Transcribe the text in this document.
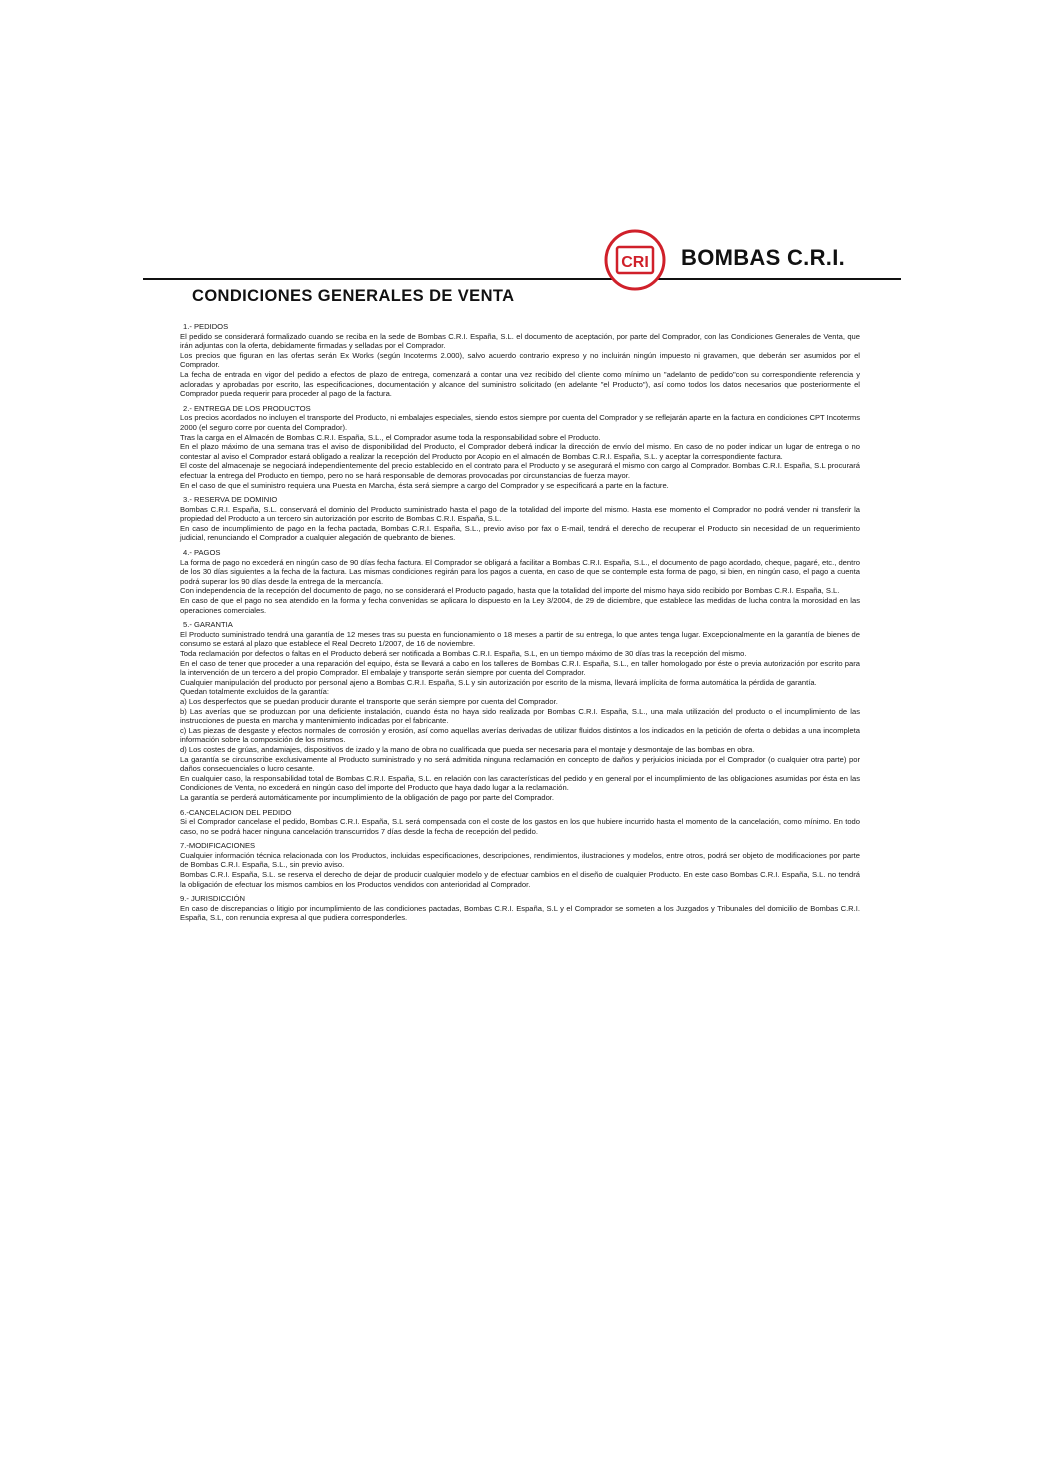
CRI BOMBAS C.R.I.
CONDICIONES GENERALES DE VENTA

1.- PEDIDOS

El pedido se considerará formalizado cuando se reciba en la sede de Bombas C.R.I. España, S.L. el documento de aceptación, por parte del Comprador, con las Condiciones Generales de Venta, que irán adjuntas con la oferta, debidamente firmadas y selladas por el Comprador.

Los precios que figuran en las ofertas serán Ex Works (según Incoterms 2.000), salvo acuerdo contrario expreso y no incluirán ningún impuesto ni gravamen, que deberán ser asumidos por el Comprador.

La fecha de entrada en vigor del pedido a efectos de plazo de entrega, comenzará a contar una vez recibido del cliente como mínimo un "adelanto de pedido"con su correspondiente referencia y acloradas y aprobadas por escrito, las especificaciones, documentación y alcance del suministro solicitado (en adelante "el Producto"), así como todos los datos necesarios que posteriormente el Comprador pueda requerir para proceder al pago de la factura.

2.- ENTREGA DE LOS PRODUCTOS

Los precios acordados no incluyen el transporte del Producto, ni embalajes especiales, siendo estos siempre por cuenta del Comprador y se reflejarán aparte en la factura en condiciones CPT Incoterms 2000 (el seguro corre por cuenta del Comprador).

Tras la carga en el Almacén de Bombas C.R.I. España, S.L., el Comprador asume toda la responsabilidad sobre el Producto.

En el plazo máximo de una semana tras el aviso de disponibilidad del Producto, el Comprador deberá indicar la dirección de envío del mismo. En caso de no poder indicar un lugar de entrega o no contestar al aviso el Comprador estará obligado a realizar la recepción del Producto por Acopio en el almacén de Bombas C.R.I. España, S.L. y aceptar la correspondiente factura.

El coste del almacenaje se negociará independientemente del precio establecido en el contrato para el Producto y se asegurará el mismo con cargo al Comprador. Bombas C.R.I. España, S.L procurará efectuar la entrega del Producto en tiempo, pero no se hará responsable de demoras provocadas por circunstancias de fuerza mayor.

En el caso de que el suministro requiera una Puesta en Marcha, ésta será siempre a cargo del Comprador y se especificará a parte en la facture.

3.- RESERVA DE DOMINIO

Bombas C.R.I. España, S.L. conservará el dominio del Producto suministrado hasta el pago de la totalidad del importe del mismo. Hasta ese momento el Comprador no podrá vender ni transferir la propiedad del Producto a un tercero sin autorización por escrito de Bombas C.R.I. España, S.L.

En caso de incumplimiento de pago en la fecha pactada, Bombas C.R.I. España, S.L., previo aviso por fax o E-mail, tendrá el derecho de recuperar el Producto sin necesidad de un requerimiento judicial, renunciando el Comprador a cualquier alegación de quebranto de bienes.

4.- PAGOS

La forma de pago no excederá en ningún caso de 90 días fecha factura. El Comprador se obligará a facilitar a Bombas C.R.I. España, S.L., el documento de pago acordado, cheque, pagaré, etc., dentro de los 30 días siguientes a la fecha de la factura. Las mismas condiciones regirán para los pagos a cuenta, en caso de que se contemple esta forma de pago, si bien, en ningún caso, el pago a cuenta podrá superar los 90 días desde la entrega de la mercancía.

Con independencia de la recepción del documento de pago, no se considerará el Producto pagado, hasta que la totalidad del importe del mismo haya sido recibido por Bombas C.R.I. España, S.L.

En caso de que el pago no sea atendido en la forma y fecha convenidas se aplicara lo dispuesto en la Ley 3/2004, de 29 de diciembre, que establece las medidas de lucha contra la morosidad en las operaciones comerciales.

5.- GARANTIA

El Producto suministrado tendrá una garantía de 12 meses tras su puesta en funcionamiento o 18 meses a partir de su entrega, lo que antes tenga lugar. Excepcionalmente en la garantía de bienes de consumo se estará al plazo que establece el Real Decreto 1/2007, de 16 de noviembre.

Toda reclamación por defectos o faltas en el Producto deberá ser notificada a Bombas C.R.I. España, S.L, en un tiempo máximo de 30 días tras la recepción del mismo.

En el caso de tener que proceder a una reparación del equipo, ésta se llevará a cabo en los talleres de Bombas C.R.I. España, S.L., en taller homologado por éste o previa autorización por escrito para la intervención de un tercero a del propio Comprador. El embalaje y transporte serán siempre por cuenta del Comprador.

Cualquier manipulación del producto por personal ajeno a Bombas C.R.I. España, S.L y sin autorización por escrito de la misma, llevará implícita de forma automática la pérdida de garantía.

Quedan totalmente excluidos de la garantía:

a) Los desperfectos que se puedan producir durante el transporte que serán siempre por cuenta del Comprador.

b) Las averías que se produzcan por una deficiente instalación, cuando ésta no haya sido realizada por Bombas C.R.I. España, S.L., una mala utilización del producto o el incumplimiento de las instrucciones de puesta en marcha y mantenimiento indicadas por el fabricante.

c) Las piezas de desgaste y efectos normales de corrosión y erosión, así como aquellas averías derivadas de utilizar fluidos distintos a los indicados en la petición de oferta o debidas a una incompleta información sobre la composición de los mismos.

d) Los costes de grúas, andamiajes, dispositivos de izado y la mano de obra no cualificada que pueda ser necesaria para el montaje y desmontaje de las bombas en obra.

La garantía se circunscribe exclusivamente al Producto suministrado y no será admitida ninguna reclamación en concepto de daños y perjuicios iniciada por el Comprador (o cualquier otra parte) por daños consecuenciales o lucro cesante.

En cualquier caso, la responsabilidad total de Bombas C.R.I. España, S.L. en relación con las características del pedido y en general por el incumplimiento de las obligaciones asumidas por ésta en las Condiciones de Venta, no excederá en ningún caso del importe del Producto que haya dado lugar a la reclamación.

La garantía se perderá automáticamente por incumplimiento de la obligación de pago por parte del Comprador.

6.-CANCELACION DEL PEDIDO

Si el Comprador cancelase el pedido, Bombas C.R.I. España, S.L será compensada con el coste de los gastos en los que hubiere incurrido hasta el momento de la cancelación, como mínimo. En todo caso, no se podrá hacer ninguna cancelación transcurridos 7 días desde la fecha de recepción del pedido.

7.-MODIFICACIONES

Cualquier información técnica relacionada con los Productos, incluidas especificaciones, descripciones, rendimientos, ilustraciones y modelos, entre otros, podrá ser objeto de modificaciones por parte de Bombas C.R.I. España, S.L., sin previo aviso.

Bombas C.R.I. España, S.L. se reserva el derecho de dejar de producir cualquier modelo y de efectuar cambios en el diseño de cualquier Producto. En este caso Bombas C.R.I. España, S.L. no tendrá la obligación de efectuar los mismos cambios en los Productos vendidos con anterioridad al Comprador.

9.- JURISDICCIÓN

En caso de discrepancias o litigio por incumplimiento de las condiciones pactadas, Bombas C.R.I. España, S.L y el Comprador se someten a los Juzgados y Tribunales del domicilio de Bombas C.R.I. España, S.L, con renuncia expresa al que pudiera corresponderles.
